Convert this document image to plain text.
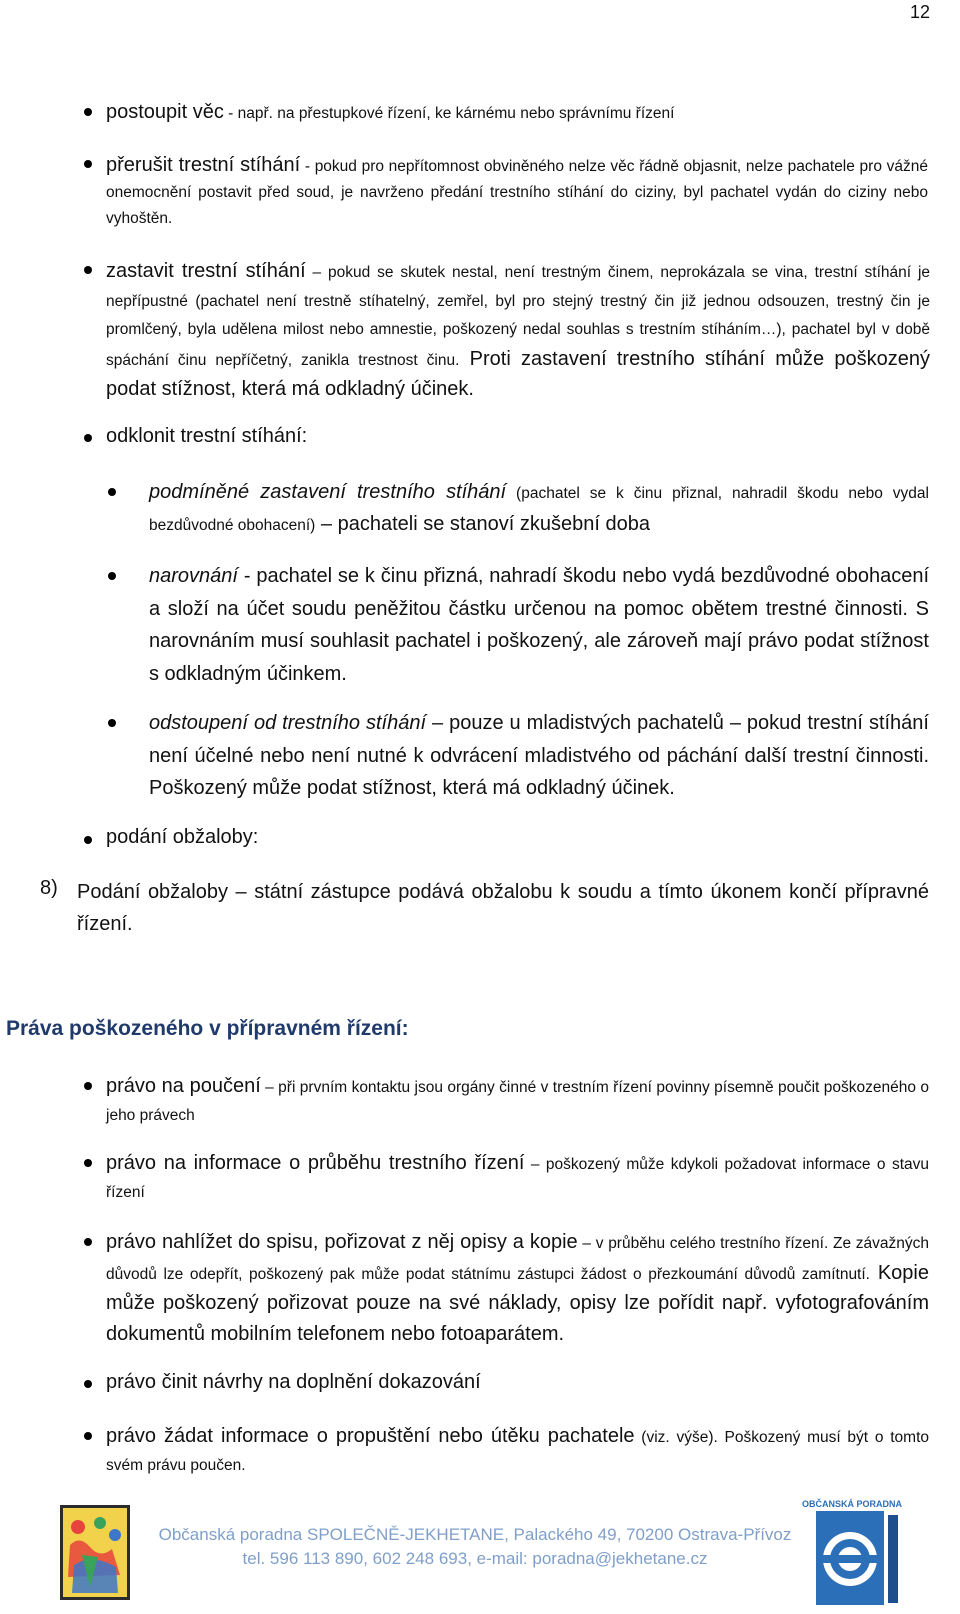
12
postoupit věc - např. na přestupkové řízení, ke kárnému nebo správnímu řízení
přerušit trestní stíhání - pokud pro nepřítomnost obviněného nelze věc řádně objasnit, nelze pachatele pro vážné onemocnění postavit před soud, je navrženo předání trestního stíhání do ciziny, byl pachatel vydán do ciziny nebo vyhoštěn.
zastavit trestní stíhání – pokud se skutek nestal, není trestným činem, neprokázala se vina, trestní stíhání je nepřípustné (pachatel není trestně stíhatelný, zemřel, byl pro stejný trestný čin již jednou odsouzen, trestný čin je promlčený, byla udělena milost nebo amnestie, poškozený nedal souhlas s trestním stíháním…), pachatel byl v době spáchání činu nepříčetný, zanikla trestnost činu. Proti zastavení trestního stíhání může poškozený podat stížnost, která má odkladný účinek.
odklonit trestní stíhání:
podmíněné zastavení trestního stíhání (pachatel se k činu přiznal, nahradil škodu nebo vydal bezdůvodné obohacení) – pachateli se stanoví zkušební doba
narovnání - pachatel se k činu přizná, nahradí škodu nebo vydá bezdůvodné obohacení a složí na účet soudu peněžitou částku určenou na pomoc obětem trestné činnosti. S narovnáním musí souhlasit pachatel i poškozený, ale zároveň mají právo podat stížnost s odkladným účinkem.
odstoupení od trestního stíhání – pouze u mladistvých pachatelů – pokud trestní stíhání není účelné nebo není nutné k odvrácení mladistvého od páchání další trestní činnosti. Poškozený může podat stížnost, která má odkladný účinek.
podání obžaloby:
8) Podání obžaloby – státní zástupce podává obžalobu k soudu a tímto úkonem končí přípravné řízení.
Práva poškozeného v přípravném řízení:
právo na poučení – při prvním kontaktu jsou orgány činné v trestním řízení povinny písemně poučit poškozeného o jeho právech
právo na informace o průběhu trestního řízení – poškozený může kdykoli požadovat informace o stavu řízení
právo nahlížet do spisu, pořizovat z něj opisy a kopie – v průběhu celého trestního řízení. Ze závažných důvodů lze odepřít, poškozený pak může podat státnímu zástupci žádost o přezkoumání důvodů zamítnutí. Kopie může poškozený pořizovat pouze na své náklady, opisy lze pořídit např. vyfotografováním dokumentů mobilním telefonem nebo fotoaparátem.
právo činit návrhy na doplnění dokazování
právo žádat informace o propuštění nebo útěku pachatele (viz. výše). Poškozený musí být o tomto svém právu poučen.
Občanská poradna SPOLEČNĚ-JEKHETANE, Palackého 49, 70200 Ostrava-Přívoz
tel. 596 113 890, 602 248 693, e-mail: poradna@jekhetane.cz
OBČANSKÁ PORADNA
